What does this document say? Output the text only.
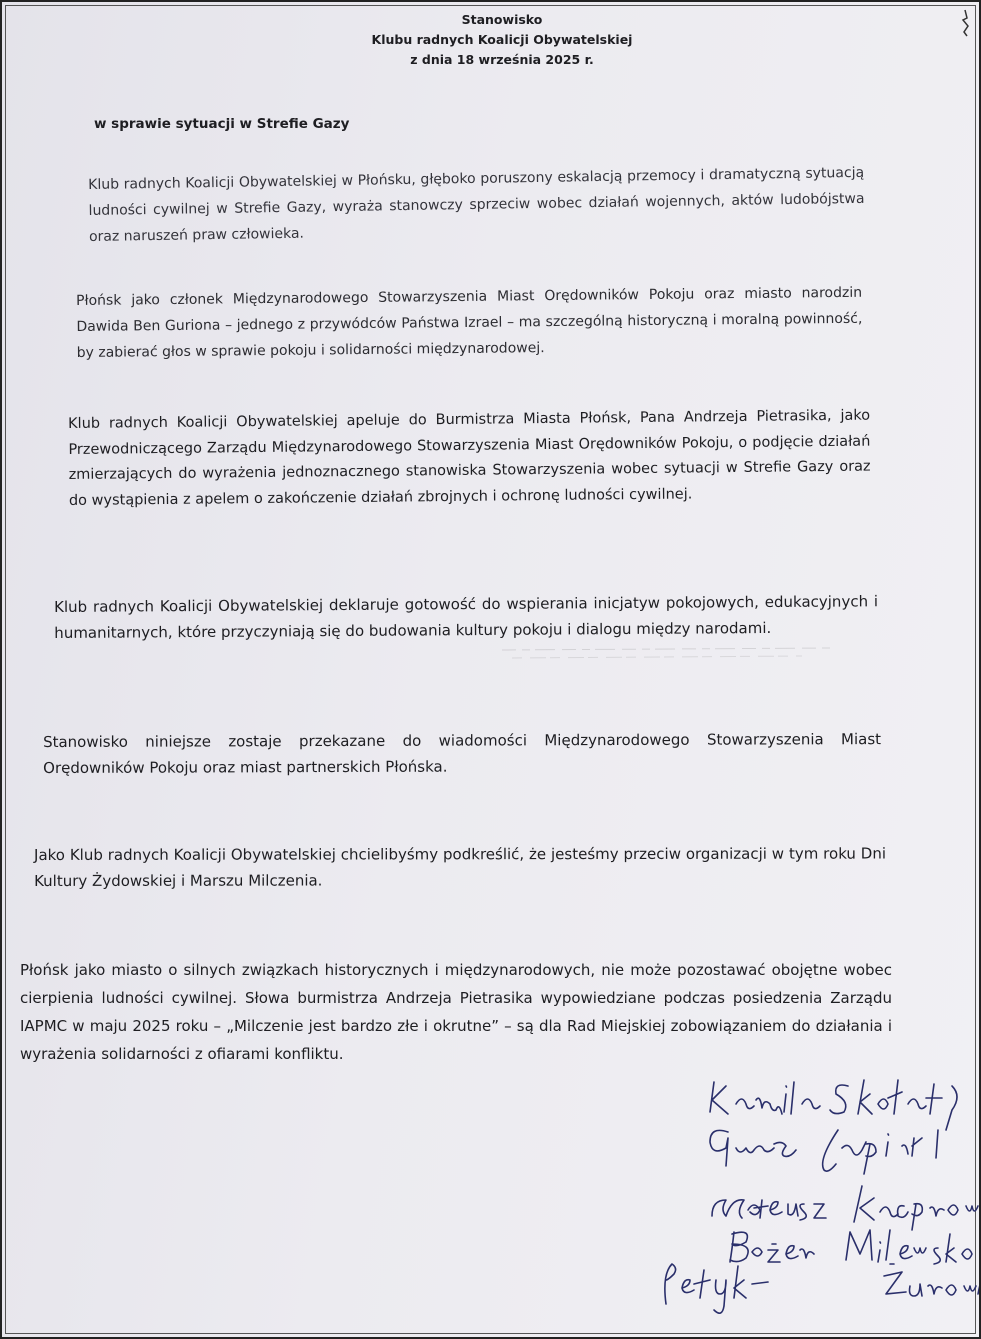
Stanowisko
Klubu radnych Koalicji Obywatelskiej
z dnia 18 września 2025 r.
w sprawie sytuacji w Strefie Gazy
Klub radnych Koalicji Obywatelskiej w Płońsku, głęboko poruszony eskalacją przemocy i dramatyczną sytuacją ludności cywilnej w Strefie Gazy, wyraża stanowczy sprzeciw wobec działań wojennych, aktów ludobójstwa oraz naruszeń praw człowieka.
Płońsk jako członek Międzynarodowego Stowarzyszenia Miast Orędowników Pokoju oraz miasto narodzin Dawida Ben Guriona – jednego z przywódców Państwa Izrael – ma szczególną historyczną i moralną powinność, by zabierać głos w sprawie pokoju i solidarności międzynarodowej.
Klub radnych Koalicji Obywatelskiej apeluje do Burmistrza Miasta Płońsk, Pana Andrzeja Pietrasika, jako Przewodniczącego Zarządu Międzynarodowego Stowarzyszenia Miast Orędowników Pokoju, o podjęcie działań zmierzających do wyrażenia jednoznacznego stanowiska Stowarzyszenia wobec sytuacji w Strefie Gazy oraz do wystąpienia z apelem o zakończenie działań zbrojnych i ochronę ludności cywilnej.
Klub radnych Koalicji Obywatelskiej deklaruje gotowość do wspierania inicjatyw pokojowych, edukacyjnych i humanitarnych, które przyczyniają się do budowania kultury pokoju i dialogu między narodami.
Stanowisko niniejsze zostaje przekazane do wiadomości Międzynarodowego Stowarzyszenia Miast Orędowników Pokoju oraz miast partnerskich Płońska.
Jako Klub radnych Koalicji Obywatelskiej chcielibyśmy podkreślić, że jesteśmy przeciw organizacji w tym roku Dni Kultury Żydowskiej i Marszu Milczenia.
Płońsk jako miasto o silnych związkach historycznych i międzynarodowych, nie może pozostawać obojętne wobec cierpienia ludności cywilnej. Słowa burmistrza Andrzeja Pietrasika wypowiedziane podczas posiedzenia Zarządu IAPMC w maju 2025 roku – „Milczenie jest bardzo złe i okrutne” – są dla Rad Miejskiej zobowiązaniem do działania i wyrażenia solidarności z ofiarami konfliktu.
